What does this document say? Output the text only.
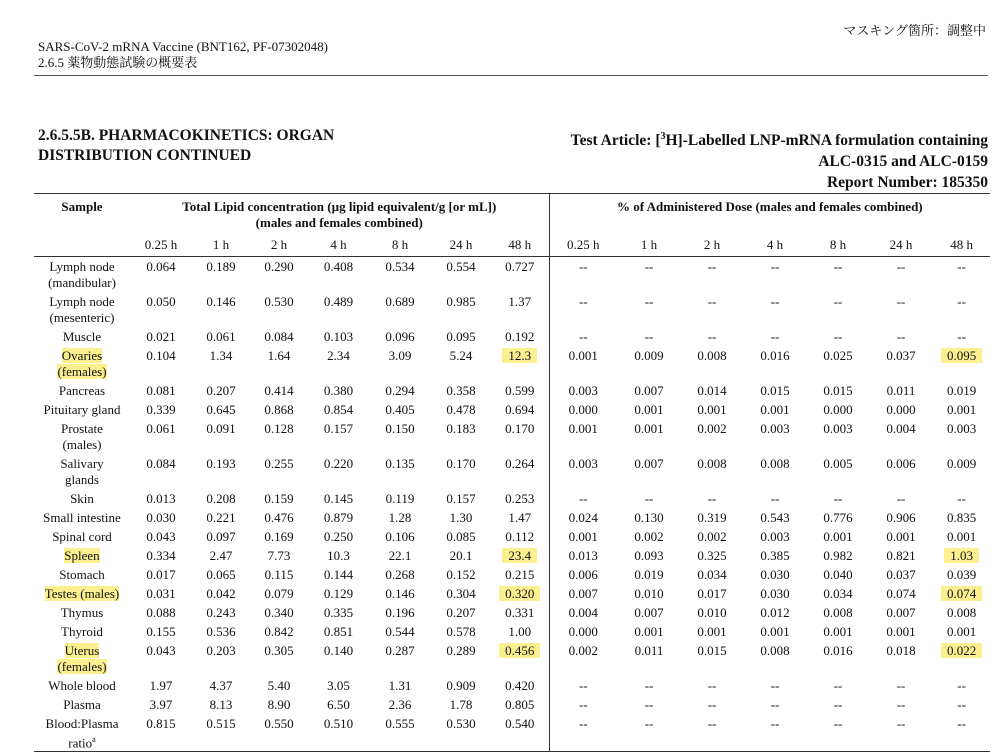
マスキング箇所：調整中
SARS-CoV-2 mRNA Vaccine (BNT162, PF-07302048)
2.6.5 薬物動態試験の概要表
2.6.5.5B. PHARMACOKINETICS: ORGAN
DISTRIBUTION CONTINUED
Test Article: [$^3$H]-Labelled LNP-mRNA formulation containing
ALC-0315 and ALC-0159
Report Number: 185350
Sample	Total Lipid concentration (µg lipid equivalent/g [or mL])
(males and females combined)							% of Administered Dose (males and females combined)						
	0.25 h	1 h	2 h	4 h	8 h	24 h	48 h	0.25 h	1 h	2 h	4 h	8 h	24 h	48 h

Lymph node
(mandibular)	0.064	0.189	0.290	0.408	0.534	0.554	0.727	--	--	--	--	--	--	--

Lymph node
(mesenteric)	0.050	0.146	0.530	0.489	0.689	0.985	1.37	--	--	--	--	--	--	--

Muscle	0.021	0.061	0.084	0.103	0.096	0.095	0.192	--	--	--	--	--	--	--

Ovaries
(females)	0.104	1.34	1.64	2.34	3.09	5.24	12.3	0.001	0.009	0.008	0.016	0.025	0.037	0.095

Pancreas	0.081	0.207	0.414	0.380	0.294	0.358	0.599	0.003	0.007	0.014	0.015	0.015	0.011	0.019

Pituitary gland	0.339	0.645	0.868	0.854	0.405	0.478	0.694	0.000	0.001	0.001	0.001	0.000	0.000	0.001

Prostate
(males)	0.061	0.091	0.128	0.157	0.150	0.183	0.170	0.001	0.001	0.002	0.003	0.003	0.004	0.003

Salivary
glands	0.084	0.193	0.255	0.220	0.135	0.170	0.264	0.003	0.007	0.008	0.008	0.005	0.006	0.009

Skin	0.013	0.208	0.159	0.145	0.119	0.157	0.253	--	--	--	--	--	--	--

Small intestine	0.030	0.221	0.476	0.879	1.28	1.30	1.47	0.024	0.130	0.319	0.543	0.776	0.906	0.835

Spinal cord	0.043	0.097	0.169	0.250	0.106	0.085	0.112	0.001	0.002	0.002	0.003	0.001	0.001	0.001

Spleen	0.334	2.47	7.73	10.3	22.1	20.1	23.4	0.013	0.093	0.325	0.385	0.982	0.821	1.03

Stomach	0.017	0.065	0.115	0.144	0.268	0.152	0.215	0.006	0.019	0.034	0.030	0.040	0.037	0.039

Testes (males)	0.031	0.042	0.079	0.129	0.146	0.304	0.320	0.007	0.010	0.017	0.030	0.034	0.074	0.074

Thymus	0.088	0.243	0.340	0.335	0.196	0.207	0.331	0.004	0.007	0.010	0.012	0.008	0.007	0.008

Thyroid	0.155	0.536	0.842	0.851	0.544	0.578	1.00	0.000	0.001	0.001	0.001	0.001	0.001	0.001

Uterus
(females)	0.043	0.203	0.305	0.140	0.287	0.289	0.456	0.002	0.011	0.015	0.008	0.016	0.018	0.022

Whole blood	1.97	4.37	5.40	3.05	1.31	0.909	0.420	--	--	--	--	--	--	--

Plasma	3.97	8.13	8.90	6.50	2.36	1.78	0.805	--	--	--	--	--	--	--

Blood:Plasma
ratio$^a$	0.815	0.515	0.550	0.510	0.555	0.530	0.540	--	--	--	--	--	--	--
